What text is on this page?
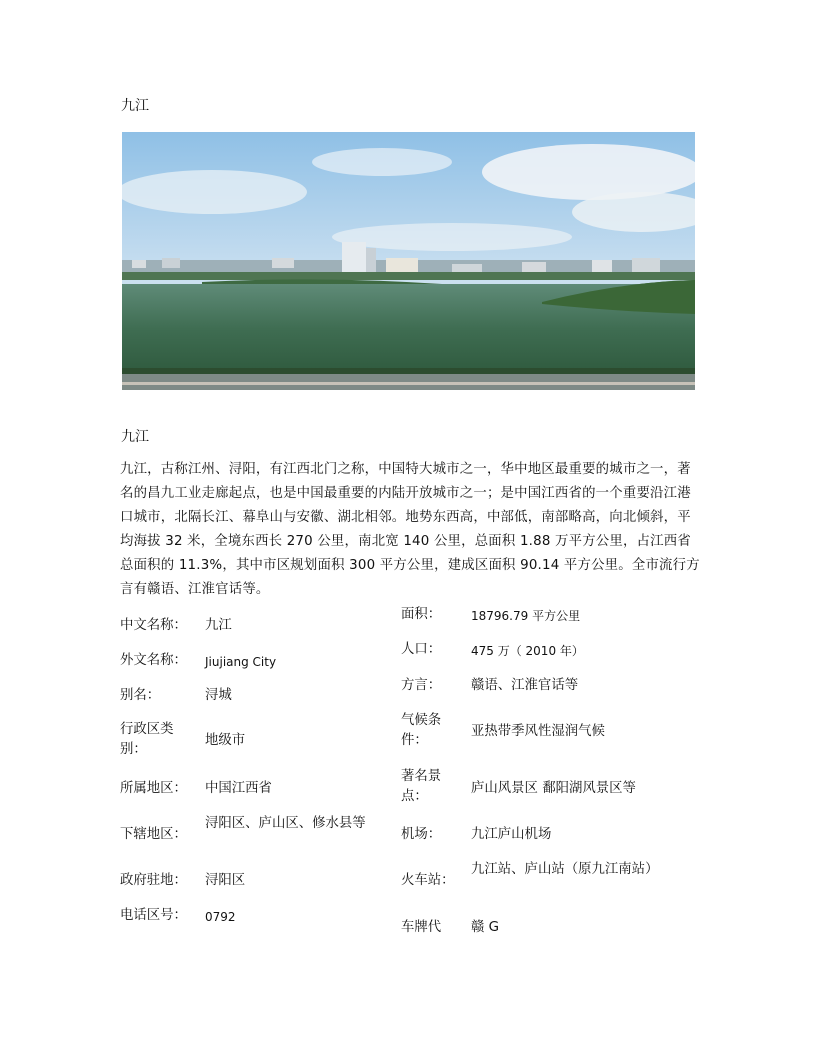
九江
九江
九江，古称江州、浔阳，有江西北门之称，中国特大城市之一，华中地区最重要的城市之一，著名的昌九工业走廊起点，也是中国最重要的内陆开放城市之一；是中国江西省的一个重要沿江港口城市，北隔长江、幕阜山与安徽、湖北相邻。地势东西高，中部低，南部略高，向北倾斜，平均海拔 32 米，全境东西长 270 公里，南北宽 140 公里，总面积 1.88 万平方公里，占江西省总面积的 11.3%，其中市区规划面积 300 平方公里，建成区面积 90.14 平方公里。全市流行方言有赣语、江淮官话等。
中文名称： 九江
外文名称： Jiujiang City
别名：	浔城
行政区类别：
地级市
所属地区： 中国江西省
下辖地区：
浔阳区、庐山区、修水县等
政府驻地： 浔阳区
电话区号： 0792
面积： 18796.79 平方公里
人口： 475 万（ 2010 年）
方言： 赣语、江淮官话等
气候条件：
亚热带季风性湿润气候
著名景点：
庐山风景区 鄱阳湖风景区等
机场： 九江庐山机场
火车站：
九江站、庐山站（原九江南站）
车牌代 赣 G
